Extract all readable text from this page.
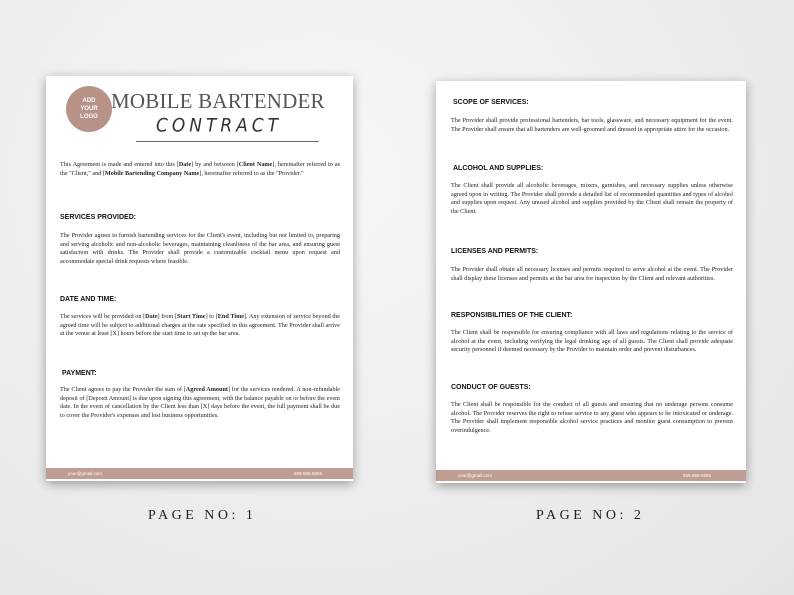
ADD
YOUR
LOGO
MOBILE BARTENDER
CONTRACT

This Agreement is made and entered into this [Date] by and between [Client Name], hereinafter referred to as the "Client," and [Mobile Bartending Company Name], hereinafter referred to as the "Provider."

SERVICES PROVIDED:

The Provider agrees to furnish bartending services for the Client's event, including but not limited to, preparing and serving alcoholic and non-alcoholic beverages, maintaining cleanliness of the bar area, and ensuring guest satisfaction with drinks. The Provider shall provide a customizable cocktail menu upon request and accommodate special drink requests where feasible.

DATE AND TIME:

The services will be provided on [Date] from [Start Time] to [End Time]. Any extension of service beyond the agreed time will be subject to additional charges at the rate specified in this agreement. The Provider shall arrive at the venue at least [X] hours before the start time to set up the bar area.

PAYMENT:

The Client agrees to pay the Provider the sum of [Agreed Amount] for the services rendered. A non-refundable deposit of [Deposit Amount] is due upon signing this agreement, with the balance payable on or before the event date. In the event of cancellation by the Client less than [X] days before the event, the full payment shall be due to cover the Provider's expenses and lost business opportunities.

your@gmail.com	555-555-5555
SCOPE OF SERVICES:

The Provider shall provide professional bartenders, bar tools, glassware, and necessary equipment for the event. The Provider shall ensure that all bartenders are well-groomed and dressed in appropriate attire for the occasion.

ALCOHOL AND SUPPLIES:

The Client shall provide all alcoholic beverages, mixers, garnishes, and necessary supplies unless otherwise agreed upon in writing. The Provider shall provide a detailed list of recommended quantities and types of alcohol and supplies upon request. Any unused alcohol and supplies provided by the Client shall remain the property of the Client.

LICENSES AND PERMITS:

The Provider shall obtain all necessary licenses and permits required to serve alcohol at the event. The Provider shall display these licenses and permits at the bar area for inspection by the Client and relevant authorities.

RESPONSIBILITIES OF THE CLIENT:

The Client shall be responsible for ensuring compliance with all laws and regulations relating to the service of alcohol at the event, including verifying the legal drinking age of all guests. The Client shall provide adequate security personnel if deemed necessary by the Provider to maintain order and prevent disturbances.

CONDUCT OF GUESTS:

The Client shall be responsible for the conduct of all guests and ensuring that no underage persons consume alcohol. The Provider reserves the right to refuse service to any guest who appears to be intoxicated or underage. The Provider shall implement responsible alcohol service practices and monitor guest consumption to prevent overindulgence.

your@gmail.com	555-555-5555
PAGE NO: 1	PAGE NO: 2
